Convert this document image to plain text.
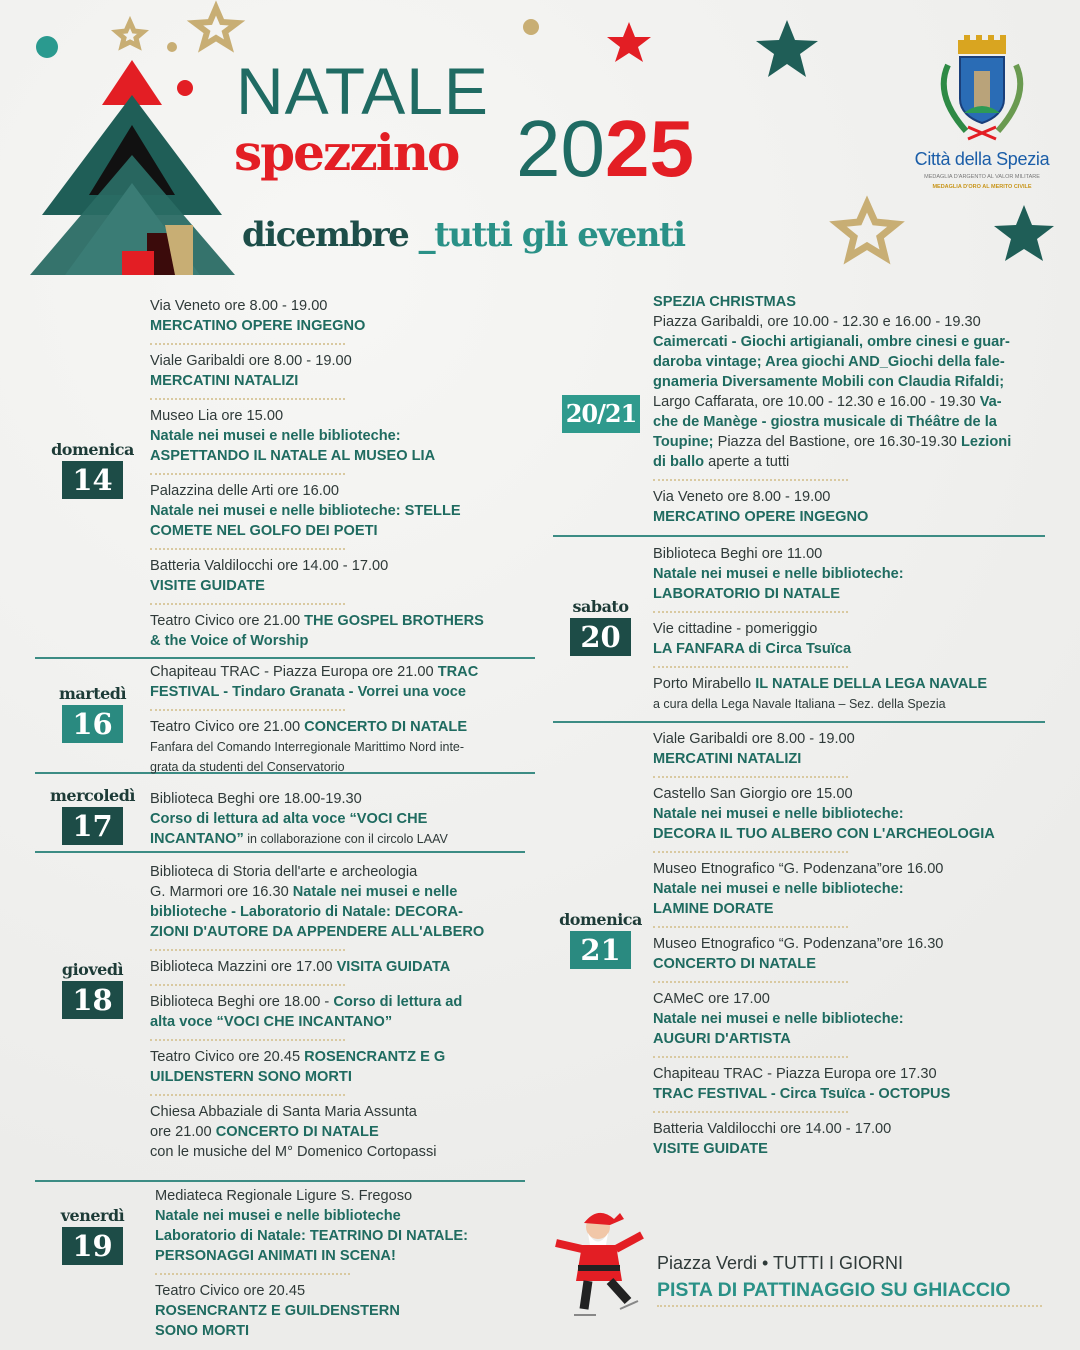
NATALE
spezzino 2025
dicembre _tutti gli eventi
Città della Spezia
MEDAGLIA D'ARGENTO AL VALOR MILITARE
MEDAGLIA D'ORO AL MERITO CIVILE
domenica
14
Via Veneto ore 8.00 - 19.00
MERCATINO OPERE INGEGNO
Viale Garibaldi ore 8.00 - 19.00
MERCATINI NATALIZI
Museo Lia ore 15.00
Natale nei musei e nelle biblioteche:
ASPETTANDO IL NATALE AL MUSEO LIA
Palazzina delle Arti ore 16.00
Natale nei musei e nelle biblioteche: STELLE
COMETE NEL GOLFO DEI POETI
Batteria Valdilocchi ore 14.00 - 17.00
VISITE GUIDATE
Teatro Civico ore 21.00 THE GOSPEL BROTHERS
& the Voice of Worship
martedì
16
Chapiteau TRAC - Piazza Europa ore 21.00 TRAC
FESTIVAL - Tindaro Granata - Vorrei una voce
Teatro Civico ore 21.00 CONCERTO DI NATALE
Fanfara del Comando Interregionale Marittimo Nord inte-
grata da studenti del Conservatorio
mercoledì
17
Biblioteca Beghi ore 18.00-19.30
Corso di lettura ad alta voce “VOCI CHE
INCANTANO” in collaborazione con il circolo LAAV
giovedì
18
Biblioteca di Storia dell'arte e archeologia
G. Marmori ore 16.30 Natale nei musei e nelle
biblioteche - Laboratorio di Natale: DECORA-
ZIONI D'AUTORE DA APPENDERE ALL'ALBERO
Biblioteca Mazzini ore 17.00 VISITA GUIDATA
Biblioteca Beghi ore 18.00 - Corso di lettura ad
alta voce “VOCI CHE INCANTANO”
Teatro Civico ore 20.45 ROSENCRANTZ E G
UILDENSTERN SONO MORTI
Chiesa Abbaziale di Santa Maria Assunta
ore 21.00 CONCERTO DI NATALE
con le musiche del M° Domenico Cortopassi
venerdì
19
Mediateca Regionale Ligure S. Fregoso
Natale nei musei e nelle biblioteche
Laboratorio di Natale: TEATRINO DI NATALE:
PERSONAGGI ANIMATI IN SCENA!
Teatro Civico ore 20.45
ROSENCRANTZ E GUILDENSTERN
SONO MORTI
20/21
SPEZIA CHRISTMAS
Piazza Garibaldi, ore 10.00 - 12.30 e 16.00 - 19.30
Caimercati - Giochi artigianali, ombre cinesi e guar-
daroba vintage; Area giochi AND_Giochi della fale-
gnameria Diversamente Mobili con Claudia Rifaldi;
Largo Caffarata, ore 10.00 - 12.30 e 16.00 - 19.30 Va-
che de Manège - giostra musicale di Théâtre de la
Toupine; Piazza del Bastione, ore 16.30-19.30 Lezioni
di ballo aperte a tutti
Via Veneto ore 8.00 - 19.00
MERCATINO OPERE INGEGNO
sabato
20
Biblioteca Beghi ore 11.00
Natale nei musei e nelle biblioteche:
LABORATORIO DI NATALE
Vie cittadine - pomeriggio
LA FANFARA di Circa Tsuïca
Porto Mirabello IL NATALE DELLA LEGA NAVALE
a cura della Lega Navale Italiana – Sez. della Spezia
domenica
21
Viale Garibaldi ore 8.00 - 19.00
MERCATINI NATALIZI
Castello San Giorgio ore 15.00
Natale nei musei e nelle biblioteche:
DECORA IL TUO ALBERO CON L'ARCHEOLOGIA
Museo Etnografico “G. Podenzana”ore 16.00
Natale nei musei e nelle biblioteche:
LAMINE DORATE
Museo Etnografico “G. Podenzana”ore 16.30
CONCERTO DI NATALE
CAMeC ore 17.00
Natale nei musei e nelle biblioteche:
AUGURI D'ARTISTA
Chapiteau TRAC - Piazza Europa ore 17.30
TRAC FESTIVAL - Circa Tsuïca - OCTOPUS
Batteria Valdilocchi ore 14.00 - 17.00
VISITE GUIDATE
Piazza Verdi • TUTTI I GIORNI
PISTA DI PATTINAGGIO SU GHIACCIO
